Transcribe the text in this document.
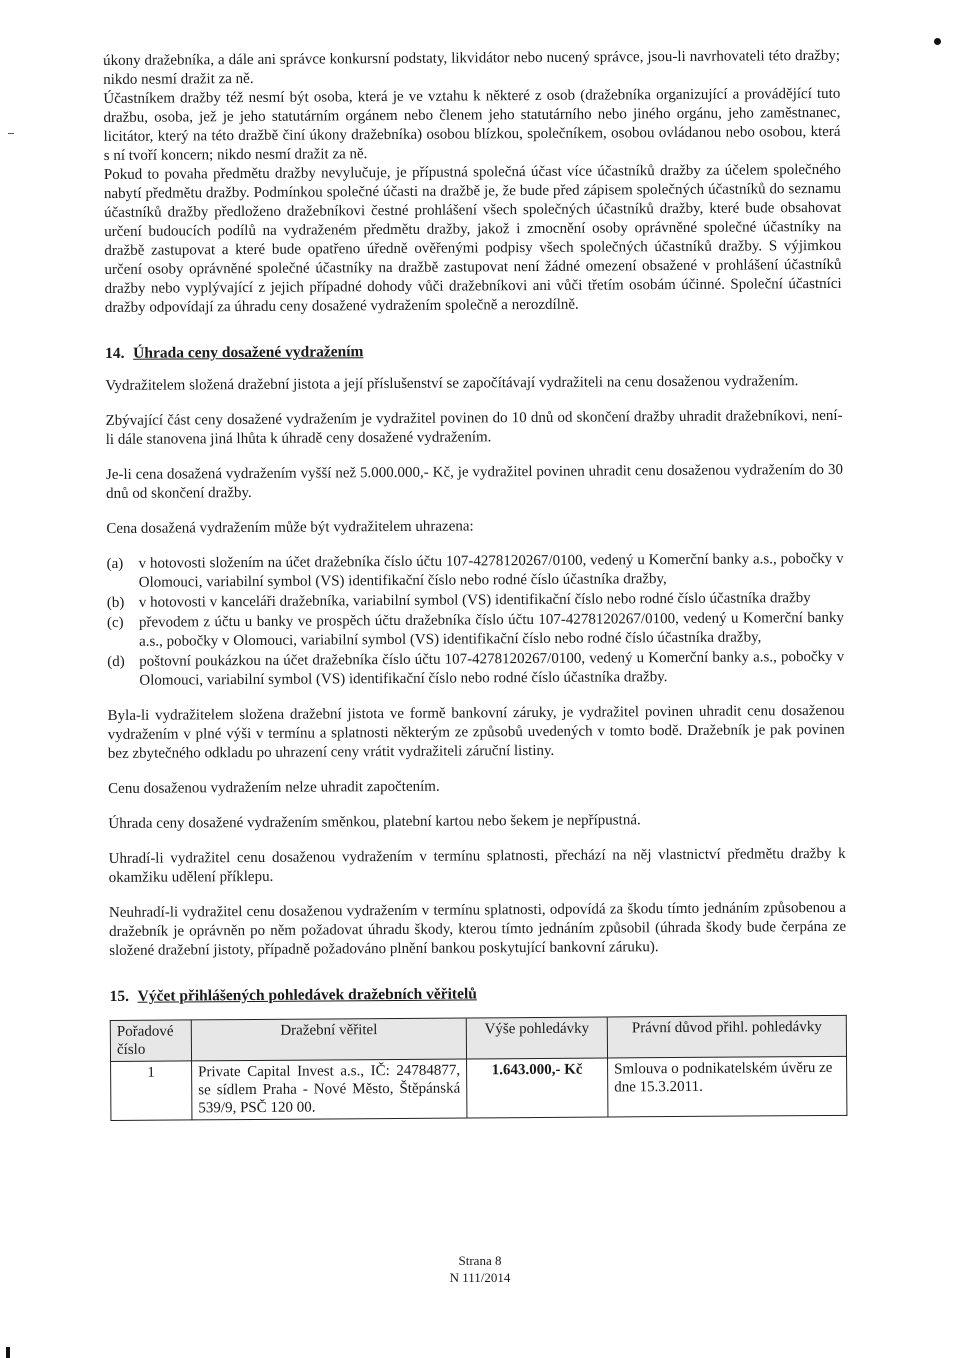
úkony dražebníka, a dále ani správce konkursní podstaty, likvidátor nebo nucený správce, jsou-li navrhovateli této dražby; nikdo nesmí dražit za ně.

Účastníkem dražby též nesmí být osoba, která je ve vztahu k některé z osob (dražebníka organizující a provádějící tuto dražbu, osoba, jež je jeho statutárním orgánem nebo členem jeho statutárního nebo jiného orgánu, jeho zaměstnanec, licitátor, který na této dražbě činí úkony dražebníka) osobou blízkou, společníkem, osobou ovládanou nebo osobou, která s ní tvoří koncern; nikdo nesmí dražit za ně.

Pokud to povaha předmětu dražby nevylučuje, je přípustná společná účast více účastníků dražby za účelem společného nabytí předmětu dražby. Podmínkou společné účasti na dražbě je, že bude před zápisem společných účastníků do seznamu účastníků dražby předloženo dražebníkovi čestné prohlášení všech společných účastníků dražby, které bude obsahovat určení budoucích podílů na vydraženém předmětu dražby, jakož i zmocnění osoby oprávněné společné účastníky na dražbě zastupovat a které bude opatřeno úředně ověřenými podpisy všech společných účastníků dražby. S výjimkou určení osoby oprávněné společné účastníky na dražbě zastupovat není žádné omezení obsažené v prohlášení účastníků dražby nebo vyplývající z jejich případné dohody vůči dražebníkovi ani vůči třetím osobám účinné. Společní účastníci dražby odpovídají za úhradu ceny dosažené vydražením společně a nerozdílně.

14. Úhrada ceny dosažené vydražením

Vydražitelem složená dražební jistota a její příslušenství se započítávají vydražiteli na cenu dosaženou vydražením.

Zbývající část ceny dosažené vydražením je vydražitel povinen do 10 dnů od skončení dražby uhradit dražebníkovi, není-li dále stanovena jiná lhůta k úhradě ceny dosažené vydražením.

Je-li cena dosažená vydražením vyšší než 5.000.000,- Kč, je vydražitel povinen uhradit cenu dosaženou vydražením do 30 dnů od skončení dražby.

Cena dosažená vydražením může být vydražitelem uhrazena:

(a)	v hotovosti složením na účet dražebníka číslo účtu 107-4278120267/0100, vedený u Komerční banky a.s., pobočky v Olomouci, variabilní symbol (VS) identifikační číslo nebo rodné číslo účastníka dražby,
(b) v hotovosti v kanceláři dražebníka, variabilní symbol (VS) identifikační číslo nebo rodné číslo účastníka dražby
(c)	převodem z účtu u banky ve prospěch účtu dražebníka číslo účtu 107-4278120267/0100, vedený u Komerční banky a.s., pobočky v Olomouci, variabilní symbol (VS) identifikační číslo nebo rodné číslo účastníka dražby,
(d) poštovní poukázkou na účet dražebníka číslo účtu 107-4278120267/0100, vedený u Komerční banky a.s., pobočky v Olomouci, variabilní symbol (VS) identifikační číslo nebo rodné číslo účastníka dražby.

Byla-li vydražitelem složena dražební jistota ve formě bankovní záruky, je vydražitel povinen uhradit cenu dosaženou vydražením v plné výši v termínu a splatnosti některým ze způsobů uvedených v tomto bodě. Dražebník je pak povinen bez zbytečného odkladu po uhrazení ceny vrátit vydražiteli záruční listiny.

Cenu dosaženou vydražením nelze uhradit započtením.

Úhrada ceny dosažené vydražením směnkou, platební kartou nebo šekem je nepřípustná.

Uhradí-li vydražitel cenu dosaženou vydražením v termínu splatnosti, přechází na něj vlastnictví předmětu dražby k okamžiku udělení příklepu.

Neuhradí-li vydražitel cenu dosaženou vydražením v termínu splatnosti, odpovídá za škodu tímto jednáním způsobenou a dražebník je oprávněn po něm požadovat úhradu škody, kterou tímto jednáním způsobil (úhrada škody bude čerpána ze složené dražební jistoty, případně požadováno plnění bankou poskytující bankovní záruku).

15. Výčet přihlášených pohledávek dražebních věřitelů
Pořadové číslo	Dražební věřitel	Výše pohledávky	Právní důvod přihl. pohledávky
1	Private Capital Invest a.s., IČ: 24784877, se sídlem Praha - Nové Město, Štěpánská 539/9, PSČ 120 00.	1.643.000,- Kč	Smlouva o podnikatelském úvěru ze dne 15.3.2011.
Strana 8
N 111/2014
